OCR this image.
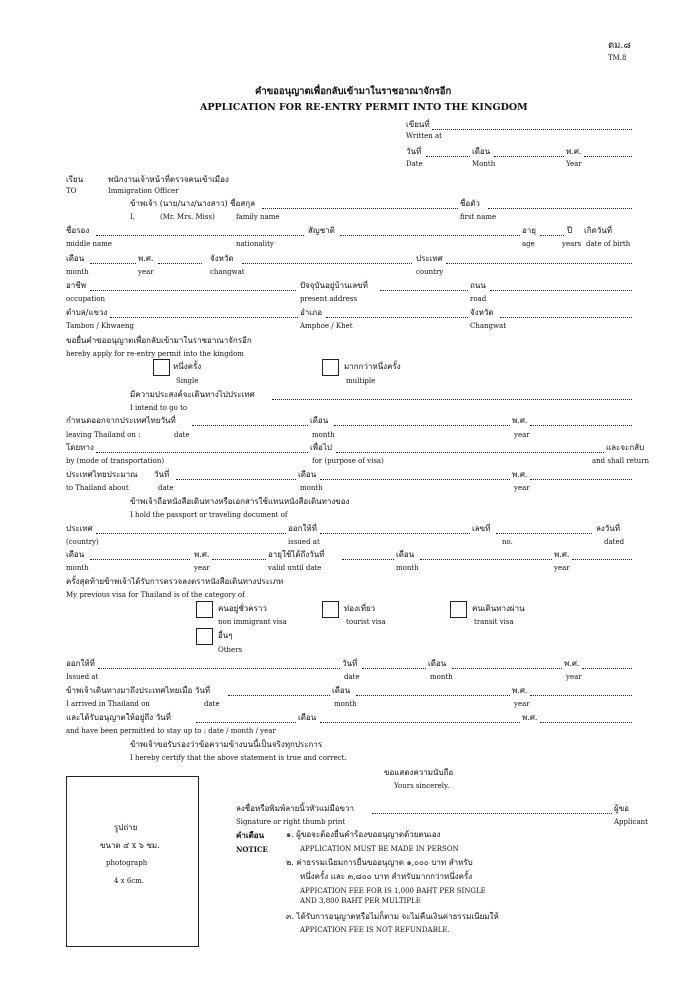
ตม.๘
TM.8
คำขออนุญาตเพื่อกลับเข้ามาในราชอาณาจักรอีก
APPLICATION FOR RE-ENTRY PERMIT INTO THE KINGDOM
เขียนที่
Written at
วันที่	เดือน	พ.ศ.
Date	Month	Year
เรียน	พนักงานเจ้าหน้าที่ตรวจคนเข้าเมือง
TO	Immigration Officer
ข้าพเจ้า (นาย/นาง/นางสาว) ชื่อสกุล	ชื่อตัว
I,	(Mr. Mrs. Miss)	family name	first name
ชื่อรอง	สัญชาติ	อายุ	ปี เกิดวันที่
middle name	nationality	age	years date of birth
เดือน	พ.ศ.	จังหวัด	ประเทศ
month	year	changwat	country
อาชีพ	ปัจจุบันอยู่บ้านเลขที่	ถนน
occupation	present address	road
ตำบล/แขวง	อำเภอ	จังหวัด
Tambon / Khwaeng	Amphoe / Khet	Changwat
ขอยื่นคำขออนุญาตเพื่อกลับเข้ามาในราชอาณาจักรอีก
hereby apply for re-entry permit into the kingdom
หนึ่งครั้ง
Single
มากกว่าหนึ่งครั้ง
multiple
มีความประสงค์จะเดินทางไปประเทศ
I intend to go to
กำหนดออกจากประเทศไทยวันที่	เดือน	พ.ศ.
leaving Thailand on :	date	month	year
โดยทาง	เพื่อไป	และจะกลับ
by (mode of transportation)	for (purpose of visa)	and shall return
ประเทศไทยประมาณ วันที่	เดือน	พ.ศ.
to Thailand about	date	month	year
ข้าพเจ้าถือหนังสือเดินทางหรือเอกสารใช้แทนหนังสือเดินทางของ
I hold the passport or traveling document of
ประเทศ	ออกให้ที่	เลขที่	ลงวันที่
(country)	issued at	no.	dated
เดือน	พ.ศ.	อายุใช้ได้ถึงวันที่	เดือน	พ.ศ.
month	year	valid until date	month	year
ครั้งสุดท้ายข้าพเจ้าได้รับการตรวจลงตราหนังสือเดินทางประเภท
My previous visa for Thailand is of the category of
คนอยู่ชั่วคราว
non immigrant visa
ท่องเที่ยว
tourist visa
คนเดินทางผ่าน
transit visa
อื่นๆ
Others
ออกให้ที่	วันที่	เดือน	พ.ศ.
Issued at	date	month	year
ข้าพเจ้าเดินทางมาถึงประเทศไทยเมื่อ วันที่	เดือน	พ.ศ.
I arrived in Thailand on	date	month	year
และได้รับอนุญาตให้อยู่ถึง วันที่	เดือน	พ.ศ.
and have been permitted to stay up to : date / month / year
ข้าพเจ้าขอรับรองว่าข้อความข้างบนนี้เป็นจริงทุกประการ
I hereby certify that the above statement is true and correct.
ขอแสดงความนับถือ
Yours sincerely.
รูปถ่าย
ขนาด ๔ x ๖ ซม.
photograph
4 x 6cm.
ลงชื่อหรือพิมพ์ลายนิ้วหัวแม่มือขวา	ผู้ขอ
Signature or right thumb print	Applicant
คำเตือน
NOTICE
๑. ผู้ขอจะต้องยื่นคำร้องขออนุญาตด้วยตนเอง
APPLICATION MUST BE MADE IN PERSON
๒. ค่าธรรมเนียมการยื่นขออนุญาต ๑,๐๐๐ บาท สำหรับ
หนึ่งครั้ง และ ๓,๘๐๐ บาท สำหรับมากกว่าหนึ่งครั้ง
APPICATION FEE FOR IS 1,000 BAHT PER SINGLE
AND 3,800 BAHT PER MULTIPLE
๓. ได้รับการอนุญาตหรือไม่ก็ตาม จะไม่คืนเงินค่าธรรมเนียมให้
APPICATION FEE IS NOT REFUNDABLE.
